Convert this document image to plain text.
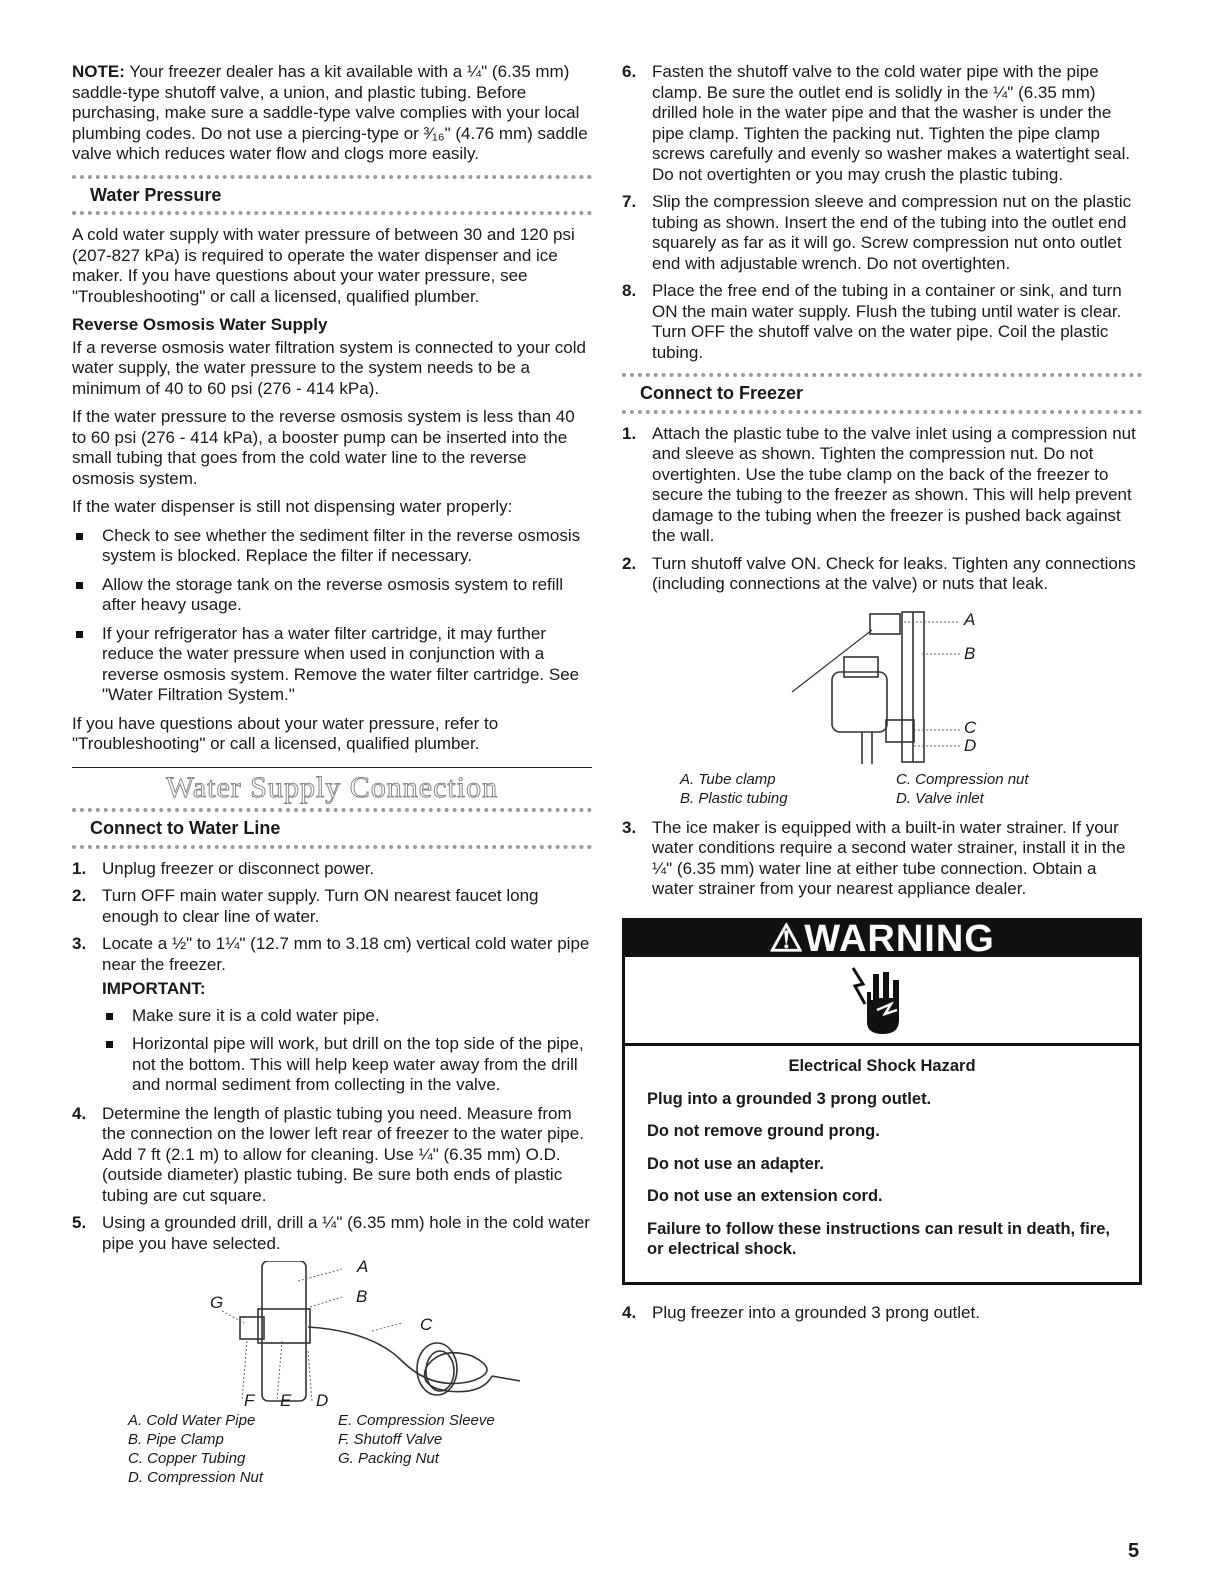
NOTE: Your freezer dealer has a kit available with a ¼" (6.35 mm) saddle-type shutoff valve, a union, and plastic tubing. Before purchasing, make sure a saddle-type valve complies with your local plumbing codes. Do not use a piercing-type or ³⁄₁₆" (4.76 mm) saddle valve which reduces water flow and clogs more easily.

Water Pressure

A cold water supply with water pressure of between 30 and 120 psi (207-827 kPa) is required to operate the water dispenser and ice maker. If you have questions about your water pressure, see "Troubleshooting" or call a licensed, qualified plumber.

Reverse Osmosis Water Supply

If a reverse osmosis water filtration system is connected to your cold water supply, the water pressure to the system needs to be a minimum of 40 to 60 psi (276 - 414 kPa).

If the water pressure to the reverse osmosis system is less than 40 to 60 psi (276 - 414 kPa), a booster pump can be inserted into the small tubing that goes from the cold water line to the reverse osmosis system.

If the water dispenser is still not dispensing water properly:

Check to see whether the sediment filter in the reverse osmosis system is blocked. Replace the filter if necessary.
Allow the storage tank on the reverse osmosis system to refill after heavy usage.
If your refrigerator has a water filter cartridge, it may further reduce the water pressure when used in conjunction with a reverse osmosis system. Remove the water filter cartridge. See "Water Filtration System."

If you have questions about your water pressure, refer to "Troubleshooting" or call a licensed, qualified plumber.

Water Supply Connection
Connect to Water Line
1. Unplug freezer or disconnect power.
2. Turn OFF main water supply. Turn ON nearest faucet long enough to clear line of water.
3. Locate a ½" to 1¼" (12.7 mm to 3.18 cm) vertical cold water pipe near the freezer.
IMPORTANT:
Make sure it is a cold water pipe.
Horizontal pipe will work, but drill on the top side of the pipe, not the bottom. This will help keep water away from the drill and normal sediment from collecting in the valve.
4. Determine the length of plastic tubing you need. Measure from the connection on the lower left rear of freezer to the water pipe. Add 7 ft (2.1 m) to allow for cleaning. Use ¼" (6.35 mm) O.D. (outside diameter) plastic tubing. Be sure both ends of plastic tubing are cut square.
5. Using a grounded drill, drill a ¼" (6.35 mm) hole in the cold water pipe you have selected.
A
B
C
D
E
F
G
A. Cold Water Pipe
B. Pipe Clamp
C. Copper Tubing
D. Compression Nut
E. Compression Sleeve
F. Shutoff Valve
G. Packing Nut
6. Fasten the shutoff valve to the cold water pipe with the pipe clamp. Be sure the outlet end is solidly in the ¼" (6.35 mm) drilled hole in the water pipe and that the washer is under the pipe clamp. Tighten the packing nut. Tighten the pipe clamp screws carefully and evenly so washer makes a watertight seal. Do not overtighten or you may crush the plastic tubing.
7. Slip the compression sleeve and compression nut on the plastic tubing as shown. Insert the end of the tubing into the outlet end squarely as far as it will go. Screw compression nut onto outlet end with adjustable wrench. Do not overtighten.
8. Place the free end of the tubing in a container or sink, and turn ON the main water supply. Flush the tubing until water is clear. Turn OFF the shutoff valve on the water pipe. Coil the plastic tubing.
Connect to Freezer
1. Attach the plastic tube to the valve inlet using a compression nut and sleeve as shown. Tighten the compression nut. Do not overtighten. Use the tube clamp on the back of the freezer to secure the tubing to the freezer as shown. This will help prevent damage to the tubing when the freezer is pushed back against the wall.
2. Turn shutoff valve ON. Check for leaks. Tighten any connections (including connections at the valve) or nuts that leak.
A
B
C
D
A. Tube clamp
B. Plastic tubing
C. Compression nut
D. Valve inlet
3. The ice maker is equipped with a built-in water strainer. If your water conditions require a second water strainer, install it in the ¼" (6.35 mm) water line at either tube connection. Obtain a water strainer from your nearest appliance dealer.
⚠WARNING
Electrical Shock Hazard

Plug into a grounded 3 prong outlet.

Do not remove ground prong.

Do not use an adapter.

Do not use an extension cord.

Failure to follow these instructions can result in death, fire, or electrical shock.

4. Plug freezer into a grounded 3 prong outlet.
5
